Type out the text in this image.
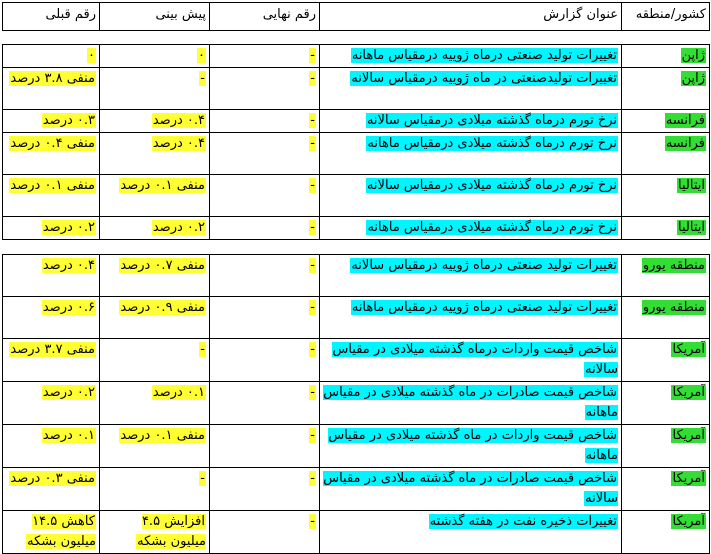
کشور/منطقه	عنوان گزارش	رقم نهایی	پیش بینی	رقم قبلی
ژاپن	تغییرات تولید صنعتی درماه ژوییه درمقیاس ماهانه	-	۰	۰
ژاپن	تغییرات تولیدصنعتی در ماه ژوییه درمقیاس سالانه	-	-	منفی ۳.۸ درصد
فرانسه	نرخ تورم درماه گذشته میلادی درمقیاس سالانه	-	۰.۴ درصد	۰.۳ درصد
فرانسه	نرخ تورم درماه گذشته میلادی درمقیاس ماهانه	-	۰.۴ درصد	منفی ۰.۴ درصد
ایتالیا	نرخ تورم درماه گذشته میلادی درمقیاس سالانه	-	منفی ۰.۱ درصد	منفی ۰.۱ درصد
ایتالیا	نرخ تورم درماه گذشته میلادی درمقیاس ماهانه	-	۰.۲ درصد	۰.۲ درصد
منطقه یورو	تغییرات تولید صنعتی درماه ژوییه درمقیاس سالانه	-	منفی ۰.۷ درصد	۰.۴ درصد
منطقه یورو	تغییرات تولید صنعتی درماه ژوییه درمقیاس ماهانه	-	منفی ۰.۹ درصد	۰.۶ درصد
آمریکا	شاخص قیمت واردات درماه گذشته میلادی در مقیاس سالانه	-	-	منفی ۳.۷ درصد
آمریکا	شاخص قیمت صادرات در ماه گذشته میلادی در مقیاس ماهانه	-	۰.۱ درصد	۰.۲ درصد
آمریکا	شاخص قیمت واردات در ماه گذشته میلادی در مقیاس ماهانه	-	منفی ۰.۱ درصد	۰.۱ درصد
آمریکا	شاخص قیمت صادرات در ماه گذشته میلادی در مقیاس سالانه	-	-	منفی ۰.۳ درصد
آمریکا	تغییرات ذخیره نفت در هفته گذشته	-	افزایش ۴.۵ میلیون بشکه	کاهش ۱۴.۵ میلیون بشکه
